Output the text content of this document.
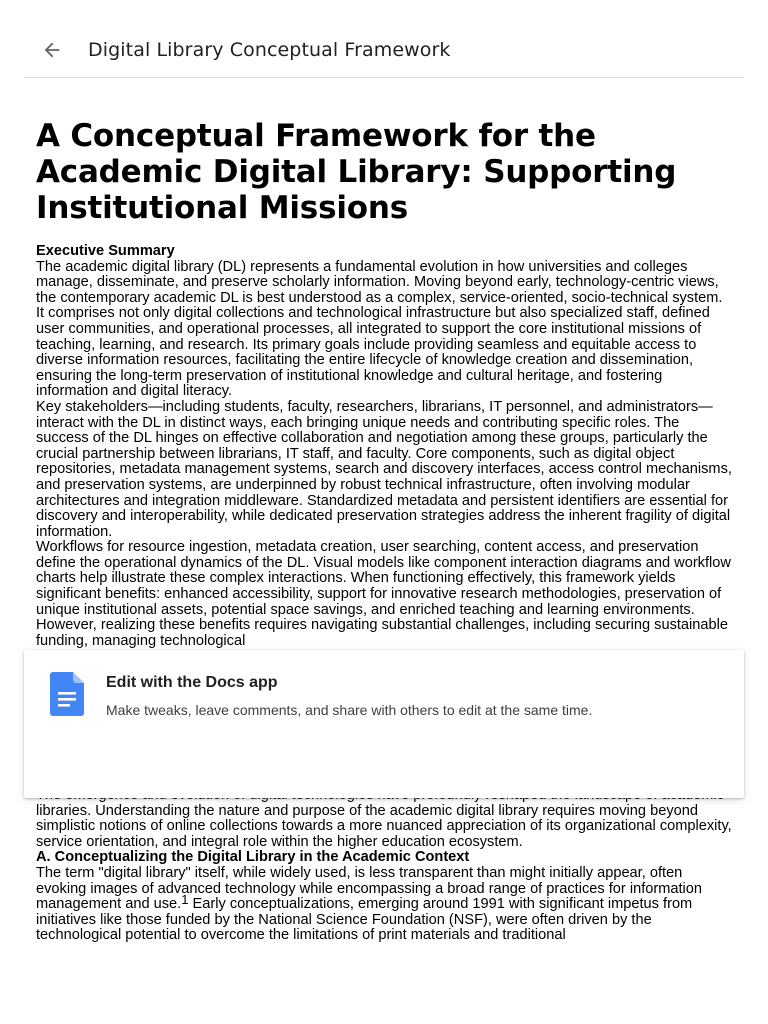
Digital Library Conceptual Framework
A Conceptual Framework for the Academic Digital Library: Supporting Institutional Missions
Executive Summary

The academic digital library (DL) represents a fundamental evolution in how universities and colleges manage, disseminate, and preserve scholarly information. Moving beyond early, technology-centric views, the contemporary academic DL is best understood as a complex, service-oriented, socio-technical system. It comprises not only digital collections and technological infrastructure but also specialized staff, defined user communities, and operational processes, all integrated to support the core institutional missions of teaching, learning, and research. Its primary goals include providing seamless and equitable access to diverse information resources, facilitating the entire lifecycle of knowledge creation and dissemination, ensuring the long-term preservation of institutional knowledge and cultural heritage, and fostering information and digital literacy.

Key stakeholders—including students, faculty, researchers, librarians, IT personnel, and administrators—interact with the DL in distinct ways, each bringing unique needs and contributing specific roles. The success of the DL hinges on effective collaboration and negotiation among these groups, particularly the crucial partnership between librarians, IT staff, and faculty. Core components, such as digital object repositories, metadata management systems, search and discovery interfaces, access control mechanisms, and preservation systems, are underpinned by robust technical infrastructure, often involving modular architectures and integration middleware. Standardized metadata and persistent identifiers are essential for discovery and interoperability, while dedicated preservation strategies address the inherent fragility of digital information.

Workflows for resource ingestion, metadata creation, user searching, content access, and preservation define the operational dynamics of the DL. Visual models like component interaction diagrams and workflow charts help illustrate these complex interactions. When functioning effectively, this framework yields significant benefits: enhanced accessibility, support for innovative research methodologies, preservation of unique institutional assets, potential space savings, and enriched teaching and learning environments. However, realizing these benefits requires navigating substantial challenges, including securing sustainable funding, managing technological

libraries. Understanding the nature and purpose of the academic digital library requires moving beyond simplistic notions of online collections towards a more nuanced appreciation of its organizational complexity, service orientation, and integral role within the higher education ecosystem.

A. Conceptualizing the Digital Library in the Academic Context

The term "digital library" itself, while widely used, is less transparent than might initially appear, often evoking images of advanced technology while encompassing a broad range of practices for information management and use.$^1$ Early conceptualizations, emerging around 1991 with significant impetus from initiatives like those funded by the National Science Foundation (NSF), were often driven by the technological potential to overcome the limitations of print materials and traditional

Edit with the Docs app
Make tweaks, leave comments, and share with others to edit at the same time.
